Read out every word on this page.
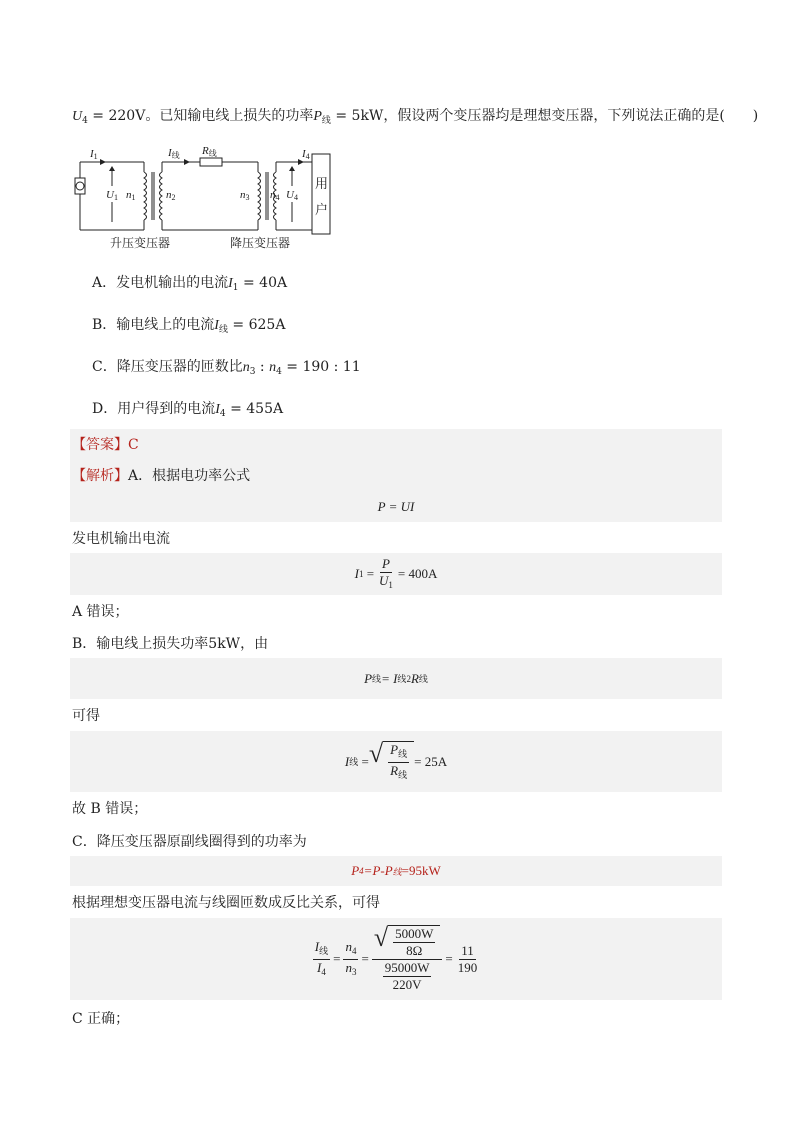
$U_4 = 220V$。已知输电线上损失的功率$P_线 = 5kW$，假设两个变压器均是理想变压器，下列说法正确的是(　　)
I1	I线 R线	I4
U1 n1	n2	n3 n4 U4
用
户
升压变压器	降压变压器
A．发电机输出的电流$I_1 = 40A$
B．输电线上的电流$I_线 = 625A$
C．降压变压器的匝数比$n_3$ : $n_4 = 190$ : 11
D．用户得到的电流$I_4 = 455A$
【答案】C
【解析】A．根据电功率公式
P = UI
发电机输出电流
I $1 = \frac{P}{U_1} = 400A$
A 错误；
B．输电线上损失功率5kW，由
P 线 = I 线 2 R 线
可得
I 线 = √ $\frac{P_线}{R_线} = 25A$
故 B 错误；
C．降压变压器原副线圈得到的功率为
P 4 =P-P 线 =95kW
根据理想变压器电流与线圈匝数成反比关系，可得
$\frac{I_线}{I_4} = \frac{n_4}{n_3} = \frac{√ \frac{5000W}{8\Omega}}{\frac{95000W}{220V}} = \frac{11}{190}$
C 正确；
